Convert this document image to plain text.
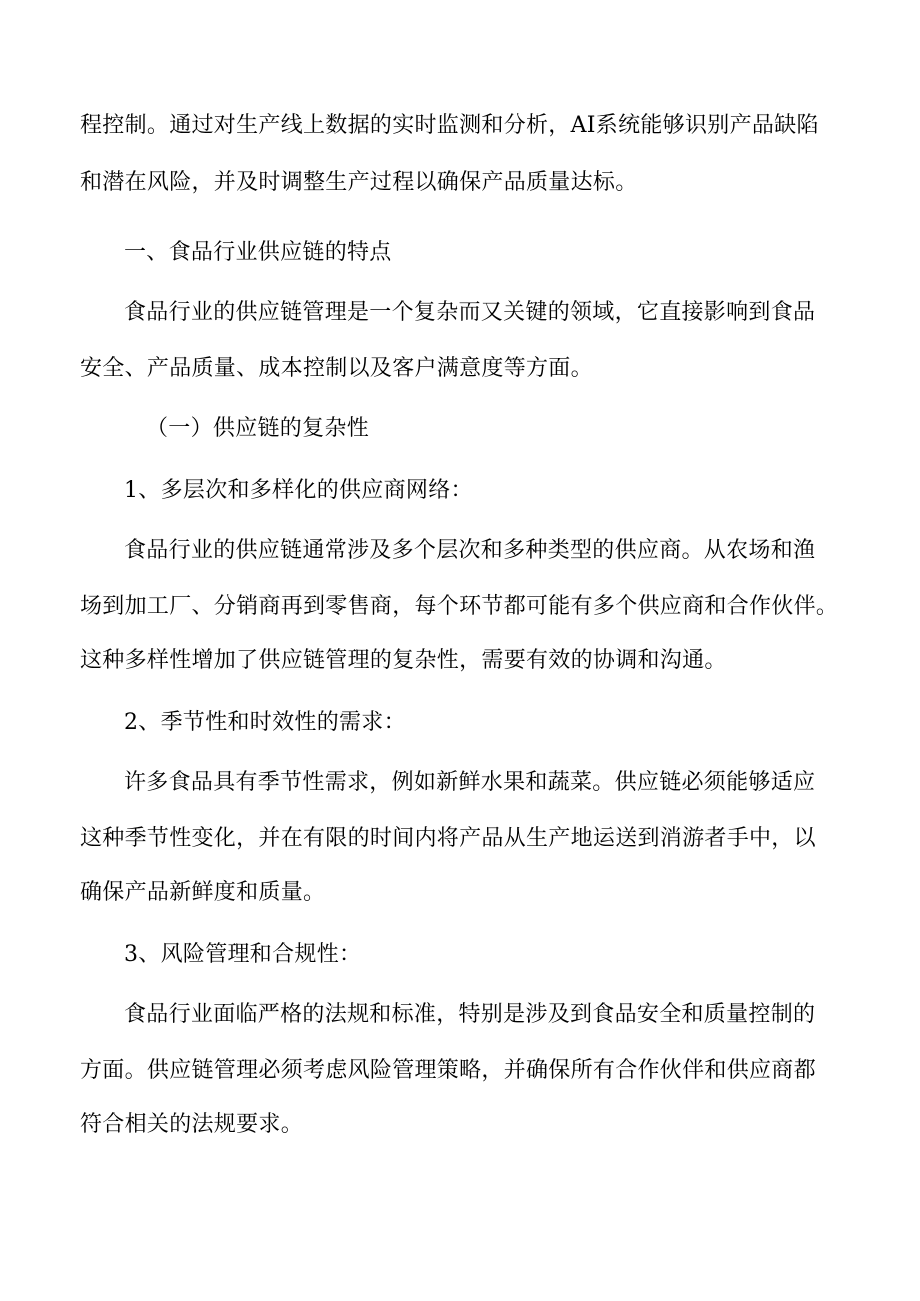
程控制。通过对生产线上数据的实时监测和分析，AI系统能够识别产品缺陷
和潜在风险，并及时调整生产过程以确保产品质量达标。
一、食品行业供应链的特点
食品行业的供应链管理是一个复杂而又关键的领域，它直接影响到食品
安全、产品质量、成本控制以及客户满意度等方面。
（一）供应链的复杂性
1、多层次和多样化的供应商网络：
食品行业的供应链通常涉及多个层次和多种类型的供应商。从农场和渔
场到加工厂、分销商再到零售商，每个环节都可能有多个供应商和合作伙伴。
这种多样性增加了供应链管理的复杂性，需要有效的协调和沟通。
2、季节性和时效性的需求：
许多食品具有季节性需求，例如新鲜水果和蔬菜。供应链必须能够适应
这种季节性变化，并在有限的时间内将产品从生产地运送到消游者手中，以
确保产品新鲜度和质量。
3、风险管理和合规性：
食品行业面临严格的法规和标准，特别是涉及到食品安全和质量控制的
方面。供应链管理必须考虑风险管理策略，并确保所有合作伙伴和供应商都
符合相关的法规要求。
